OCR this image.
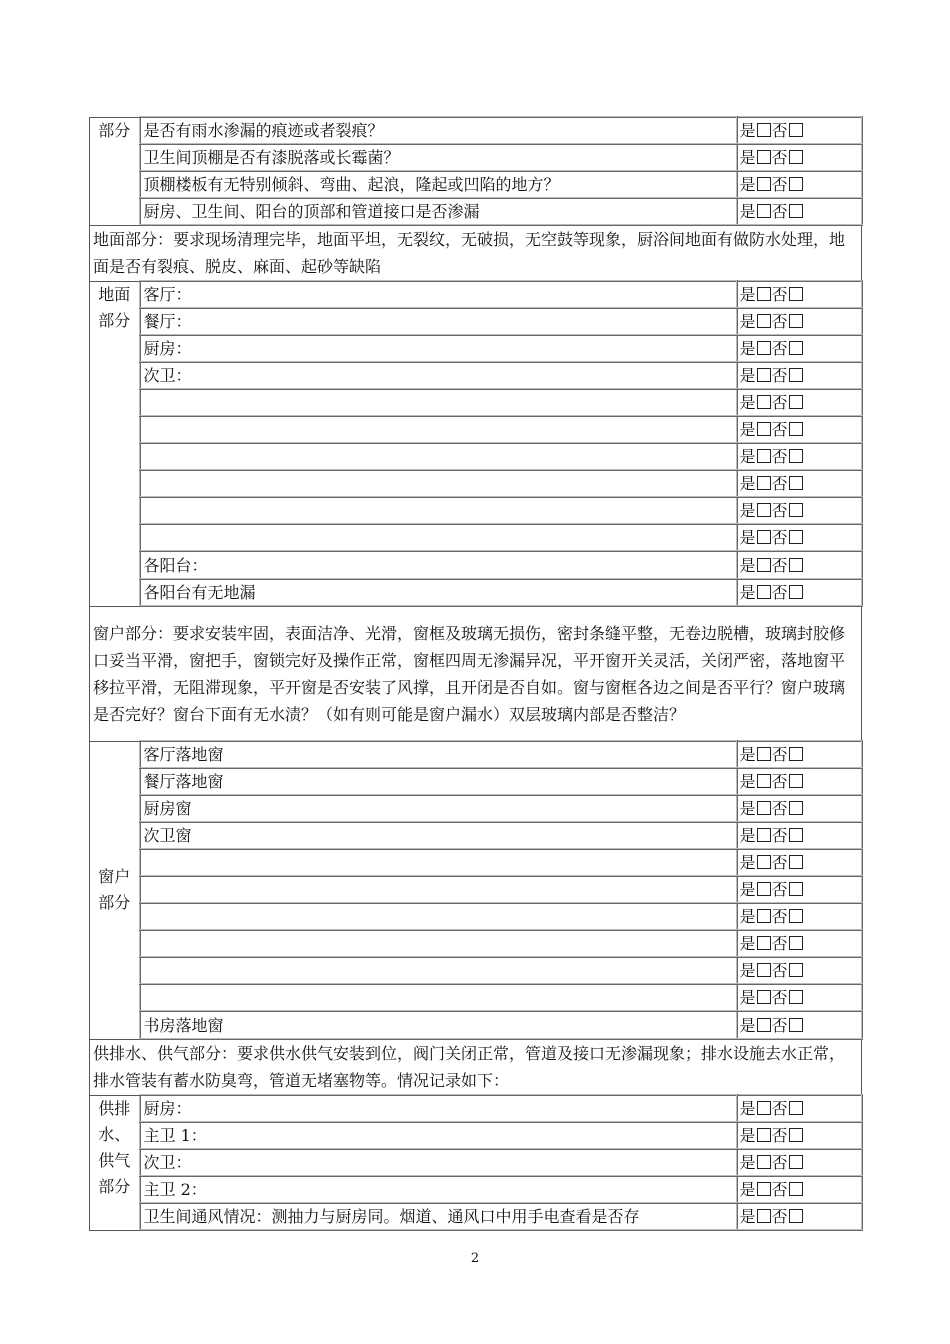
部分	是否有雨水渗漏的痕迹或者裂痕？	是 否
	卫生间顶棚是否有漆脱落或长霉菌？	是 否
	顶棚楼板有无特别倾斜、弯曲、起浪，隆起或凹陷的地方？	是 否
	厨房、卫生间、阳台的顶部和管道接口是否渗漏	是 否
地面部分：要求现场清理完毕，地面平坦，无裂纹，无破损，无空鼓等现象，厨浴间地面有做防水处理，地面是否有裂痕、脱皮、麻面、起砂等缺陷		
地面
部分	客厅：	是 否
	餐厅：	是 否
	厨房：	是 否
	次卫：	是 否
		是 否
		是 否
		是 否
		是 否
		是 否
		是 否
	各阳台：	是 否
	各阳台有无地漏	是 否
窗户部分：要求安装牢固，表面洁净、光滑，窗框及玻璃无损伤，密封条缝平整，无卷边脱槽，玻璃封胶修口妥当平滑，窗把手，窗锁完好及操作正常，窗框四周无渗漏异况，平开窗开关灵活，关闭严密，落地窗平移拉平滑，无阻滞现象，平开窗是否安装了风撑，且开闭是否自如。窗与窗框各边之间是否平行？窗户玻璃是否完好？窗台下面有无水渍？（如有则可能是窗户漏水）双层玻璃内部是否整洁？		
窗户
部分	客厅落地窗	是 否
	餐厅落地窗	是 否
	厨房窗	是 否
	次卫窗	是 否
		是 否
		是 否
		是 否
		是 否
		是 否
		是 否
	书房落地窗	是 否
供排水、供气部分：要求供水供气安装到位，阀门关闭正常，管道及接口无渗漏现象；排水设施去水正常，排水管装有蓄水防臭弯，管道无堵塞物等。情况记录如下：		
供排水、供气部分	厨房：	是 否
	主卫 1：	是 否
	次卫：	是 否
	主卫 2：	是 否
	卫生间通风情况：测抽力与厨房同。烟道、通风口中用手电查看是否存	是 否
2
